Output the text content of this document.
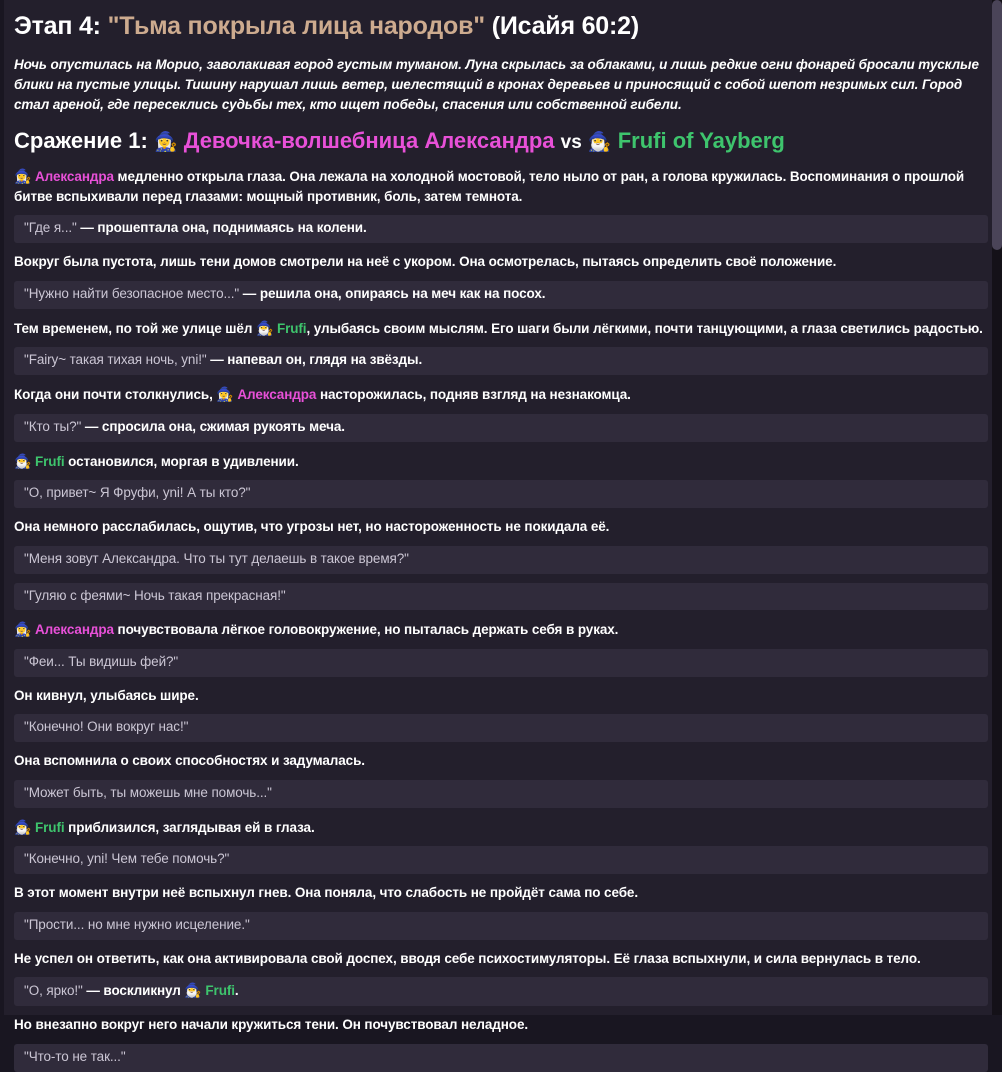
Этап 4: "Тьма покрыла лица народов" (Исайя 60:2)

Ночь опустилась на Морио, заволакивая город густым туманом. Луна скрылась за облаками, и лишь редкие огни фонарей бросали тусклые блики на пустые улицы. Тишину нарушал лишь ветер, шелестящий в кронах деревьев и приносящий с собой шепот незримых сил. Город стал ареной, где пересеклись судьбы тех, кто ищет победы, спасения или собственной гибели.

Сражение 1: 🧙‍♀️ Девочка-волшебница Александра vs 🧙‍♂️ Frufi of Yayberg

🧙‍♀️ Александра медленно открыла глаза. Она лежала на холодной мостовой, тело ныло от ран, а голова кружилась. Воспоминания о прошлой битве вспыхивали перед глазами: мощный противник, боль, затем темнота.

"Где я..." — прошептала она, поднимаясь на колени.

Вокруг была пустота, лишь тени домов смотрели на неё с укором. Она осмотрелась, пытаясь определить своё положение.

"Нужно найти безопасное место..." — решила она, опираясь на меч как на посох.

Тем временем, по той же улице шёл 🧙‍♂️ Frufi, улыбаясь своим мыслям. Его шаги были лёгкими, почти танцующими, а глаза светились радостью.

"Fairy~ такая тихая ночь, yni!" — напевал он, глядя на звёзды.

Когда они почти столкнулись, 🧙‍♀️ Александра насторожилась, подняв взгляд на незнакомца.

"Кто ты?" — спросила она, сжимая рукоять меча.

🧙‍♂️ Frufi остановился, моргая в удивлении.

"О, привет~ Я Фруфи, yni! А ты кто?"

Она немного расслабилась, ощутив, что угрозы нет, но настороженность не покидала её.

"Меня зовут Александра. Что ты тут делаешь в такое время?"
"Гуляю с феями~ Ночь такая прекрасная!"

🧙‍♀️ Александра почувствовала лёгкое головокружение, но пыталась держать себя в руках.

"Феи... Ты видишь фей?"

Он кивнул, улыбаясь шире.

"Конечно! Они вокруг нас!"

Она вспомнила о своих способностях и задумалась.

"Может быть, ты можешь мне помочь..."

🧙‍♂️ Frufi приблизился, заглядывая ей в глаза.

"Конечно, yni! Чем тебе помочь?"

В этот момент внутри неё вспыхнул гнев. Она поняла, что слабость не пройдёт сама по себе.

"Прости... но мне нужно исцеление."

Не успел он ответить, как она активировала свой доспех, вводя себе психостимуляторы. Её глаза вспыхнули, и сила вернулась в тело.

"О, ярко!" — воскликнул 🧙‍♂️ Frufi.

Но внезапно вокруг него начали кружиться тени. Он почувствовал неладное.

"Что-то не так..."
